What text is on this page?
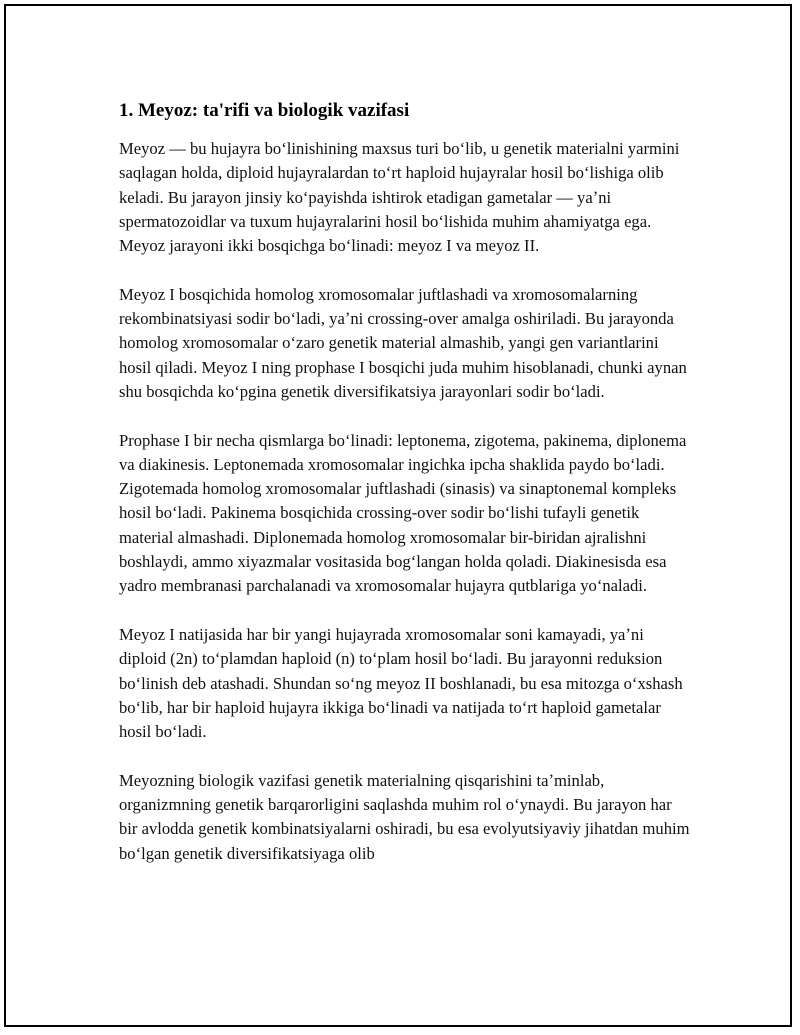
1. Meyoz: ta'rifi va biologik vazifasi

Meyoz — bu hujayra boʻlinishining maxsus turi boʻlib, u genetik materialni yarmini saqlagan holda, diploid hujayralardan toʻrt haploid hujayralar hosil boʻlishiga olib keladi. Bu jarayon jinsiy koʻpayishda ishtirok etadigan gametalar — yaʼni spermatozoidlar va tuxum hujayralarini hosil boʻlishida muhim ahamiyatga ega. Meyoz jarayoni ikki bosqichga boʻlinadi: meyoz I va meyoz II.

Meyoz I bosqichida homolog xromosomalar juftlashadi va xromosomalarning rekombinatsiyasi sodir boʻladi, yaʼni crossing-over amalga oshiriladi. Bu jarayonda homolog xromosomalar oʻzaro genetik material almashib, yangi gen variantlarini hosil qiladi. Meyoz I ning prophase I bosqichi juda muhim hisoblanadi, chunki aynan shu bosqichda koʻpgina genetik diversifikatsiya jarayonlari sodir boʻladi.

Prophase I bir necha qismlarga boʻlinadi: leptonema, zigotema, pakinema, diplonema va diakinesis. Leptonemada xromosomalar ingichka ipcha shaklida paydo boʻladi. Zigotemada homolog xromosomalar juftlashadi (sinasis) va sinaptonemal kompleks hosil boʻladi. Pakinema bosqichida crossing-over sodir boʻlishi tufayli genetik material almashadi. Diplonemada homolog xromosomalar bir-biridan ajralishni boshlaydi, ammo xiyazmalar vositasida bogʻlangan holda qoladi. Diakinesisda esa yadro membranasi parchalanadi va xromosomalar hujayra qutblariga yoʻnaladi.

Meyoz I natijasida har bir yangi hujayrada xromosomalar soni kamayadi, yaʼni diploid (2n) toʻplamdan haploid (n) toʻplam hosil boʻladi. Bu jarayonni reduksion boʻlinish deb atashadi. Shundan soʻng meyoz II boshlanadi, bu esa mitozga oʻxshash boʻlib, har bir haploid hujayra ikkiga boʻlinadi va natijada toʻrt haploid gametalar hosil boʻladi.

Meyozning biologik vazifasi genetik materialning qisqarishini taʼminlab, organizmning genetik barqarorligini saqlashda muhim rol oʻynaydi. Bu jarayon har bir avlodda genetik kombinatsiyalarni oshiradi, bu esa evolyutsiyaviy jihatdan muhim boʻlgan genetik diversifikatsiyaga olib
